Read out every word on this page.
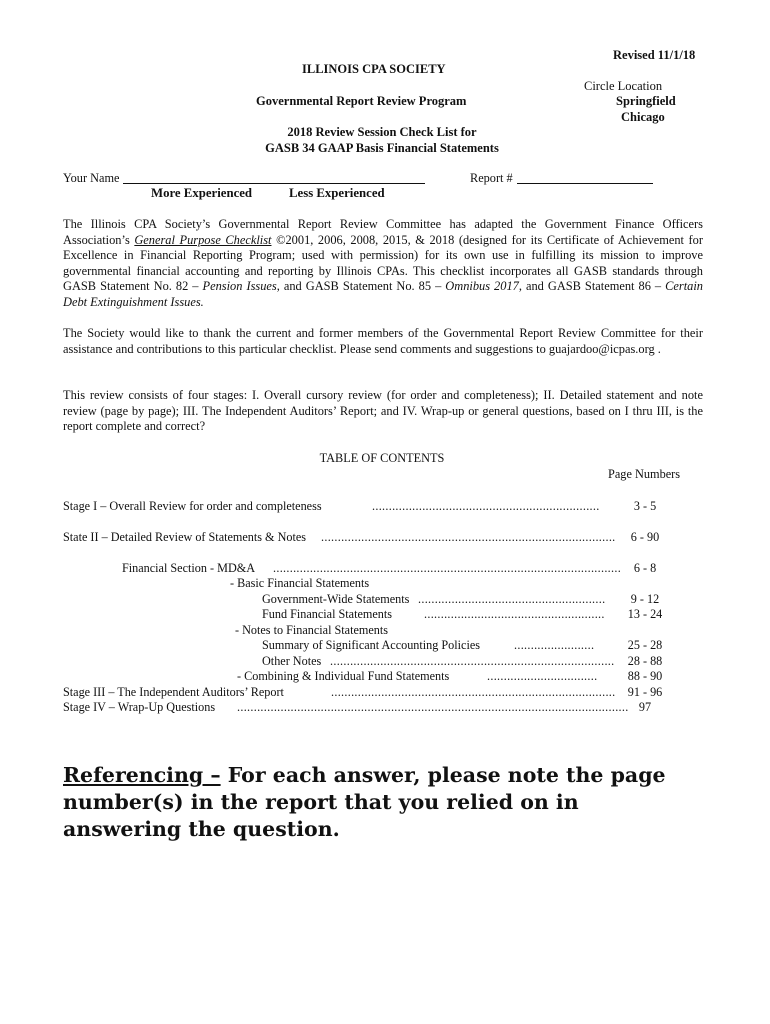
Revised 11/1/18
ILLINOIS CPA SOCIETY
Circle Location
Governmental Report Review Program	Springfield
Chicago
2018 Review Session Check List for
GASB 34 GAAP Basis Financial Statements
Your Name	Report #
More Experienced	Less Experienced
The Illinois CPA Society’s Governmental Report Review Committee has adapted the Government Finance Officers Association’s General Purpose Checklist ©2001, 2006, 2008, 2015, & 2018 (designed for its Certificate of Achievement for Excellence in Financial Reporting Program; used with permission) for its own use in fulfilling its mission to improve governmental financial accounting and reporting by Illinois CPAs. This checklist incorporates all GASB standards through GASB Statement No. 82 – Pension Issues, and GASB Statement No. 85 – Omnibus 2017, and GASB Statement 86 – Certain Debt Extinguishment Issues.
The Society would like to thank the current and former members of the Governmental Report Review Committee for their assistance and contributions to this particular checklist. Please send comments and suggestions to guajardoo@icpas.org .
This review consists of four stages: I. Overall cursory review (for order and completeness); II. Detailed statement and note review (page by page); III. The Independent Auditors’ Report; and IV. Wrap-up or general questions, based on I thru III, is the report complete and correct?
TABLE OF CONTENTS
Page Numbers
Stage I – Overall Review for order and completeness	....................................................................	3 - 5
State II – Detailed Review of Statements & Notes ........................................................................................	6 - 90
Financial Section - MD&A ........................................................................................................	6 - 8
- Basic Financial Statements
Government-Wide Statements ........................................................	9 - 12
Fund Financial Statements	......................................................	13 - 24
- Notes to Financial Statements
Summary of Significant Accounting Policies	........................	25 - 28
Other Notes .....................................................................................	28 - 88
- Combining & Individual Fund Statements	.................................	88 - 90
Stage III – The Independent Auditors’ Report	.....................................................................................	91 - 96
Stage IV – Wrap-Up Questions ..................................................................................................................... 97
Referencing – For each answer, please note the page number(s) in the report that you relied on in answering the question.
